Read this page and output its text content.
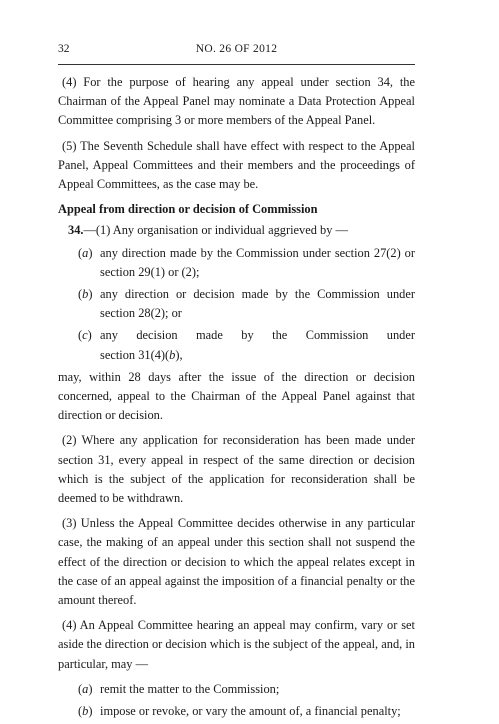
32	NO. 26 OF 2012

(4) For the purpose of hearing any appeal under section 34, the Chairman of the Appeal Panel may nominate a Data Protection Appeal Committee comprising 3 or more members of the Appeal Panel.

(5) The Seventh Schedule shall have effect with respect to the Appeal Panel, Appeal Committees and their members and the proceedings of Appeal Committees, as the case may be.

Appeal from direction or decision of Commission

34.—(1) Any organisation or individual aggrieved by —

(a) any direction made by the Commission under section 27(2) or section 29(1) or (2);
(b) any direction or decision made by the Commission under section 28(2); or
(c) any decision made by the Commission under
section 31(4)(b),

may, within 28 days after the issue of the direction or decision concerned, appeal to the Chairman of the Appeal Panel against that direction or decision.

(2) Where any application for reconsideration has been made under section 31, every appeal in respect of the same direction or decision which is the subject of the application for reconsideration shall be deemed to be withdrawn.

(3) Unless the Appeal Committee decides otherwise in any particular case, the making of an appeal under this section shall not suspend the effect of the direction or decision to which the appeal relates except in the case of an appeal against the imposition of a financial penalty or the amount thereof.

(4) An Appeal Committee hearing an appeal may confirm, vary or set aside the direction or decision which is the subject of the appeal, and, in particular, may —

(a) remit the matter to the Commission;
(b) impose or revoke, or vary the amount of, a financial penalty;
